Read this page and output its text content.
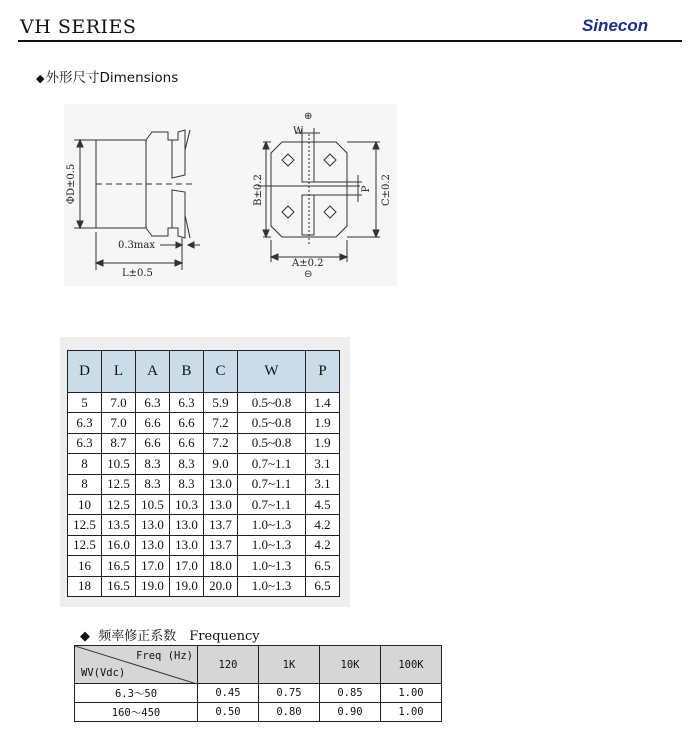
VH SERIES	Sinecon
◆外形尺寸Dimensions
ΦD±0.5
0.3max
L±0.5
W
⊕
B±0.2	P C±0.2
A±0.2
⊖
D	L	A	B	C	W	P
5	7.0	6.3	6.3	5.9	0.5~0.8	1.4
6.3	7.0	6.6	6.6	7.2	0.5~0.8	1.9
6.3	8.7	6.6	6.6	7.2	0.5~0.8	1.9
8	10.5	8.3	8.3	9.0	0.7~1.1	3.1
8	12.5	8.3	8.3	13.0	0.7~1.1	3.1
10	12.5	10.5	10.3	13.0	0.7~1.1	4.5
12.5	13.5	13.0	13.0	13.7	1.0~1.3	4.2
12.5	16.0	13.0	13.0	13.7	1.0~1.3	4.2
16	16.5	17.0	17.0	18.0	1.0~1.3	6.5
18	16.5	19.0	19.0	20.0	1.0~1.3	6.5
◆ 频率修正系数　Frequency
Freq (Hz)
WV(Vdc)	120	1K	10K	100K
6.3～50	0.45	0.75	0.85	1.00
160～450	0.50	0.80	0.90	1.00
